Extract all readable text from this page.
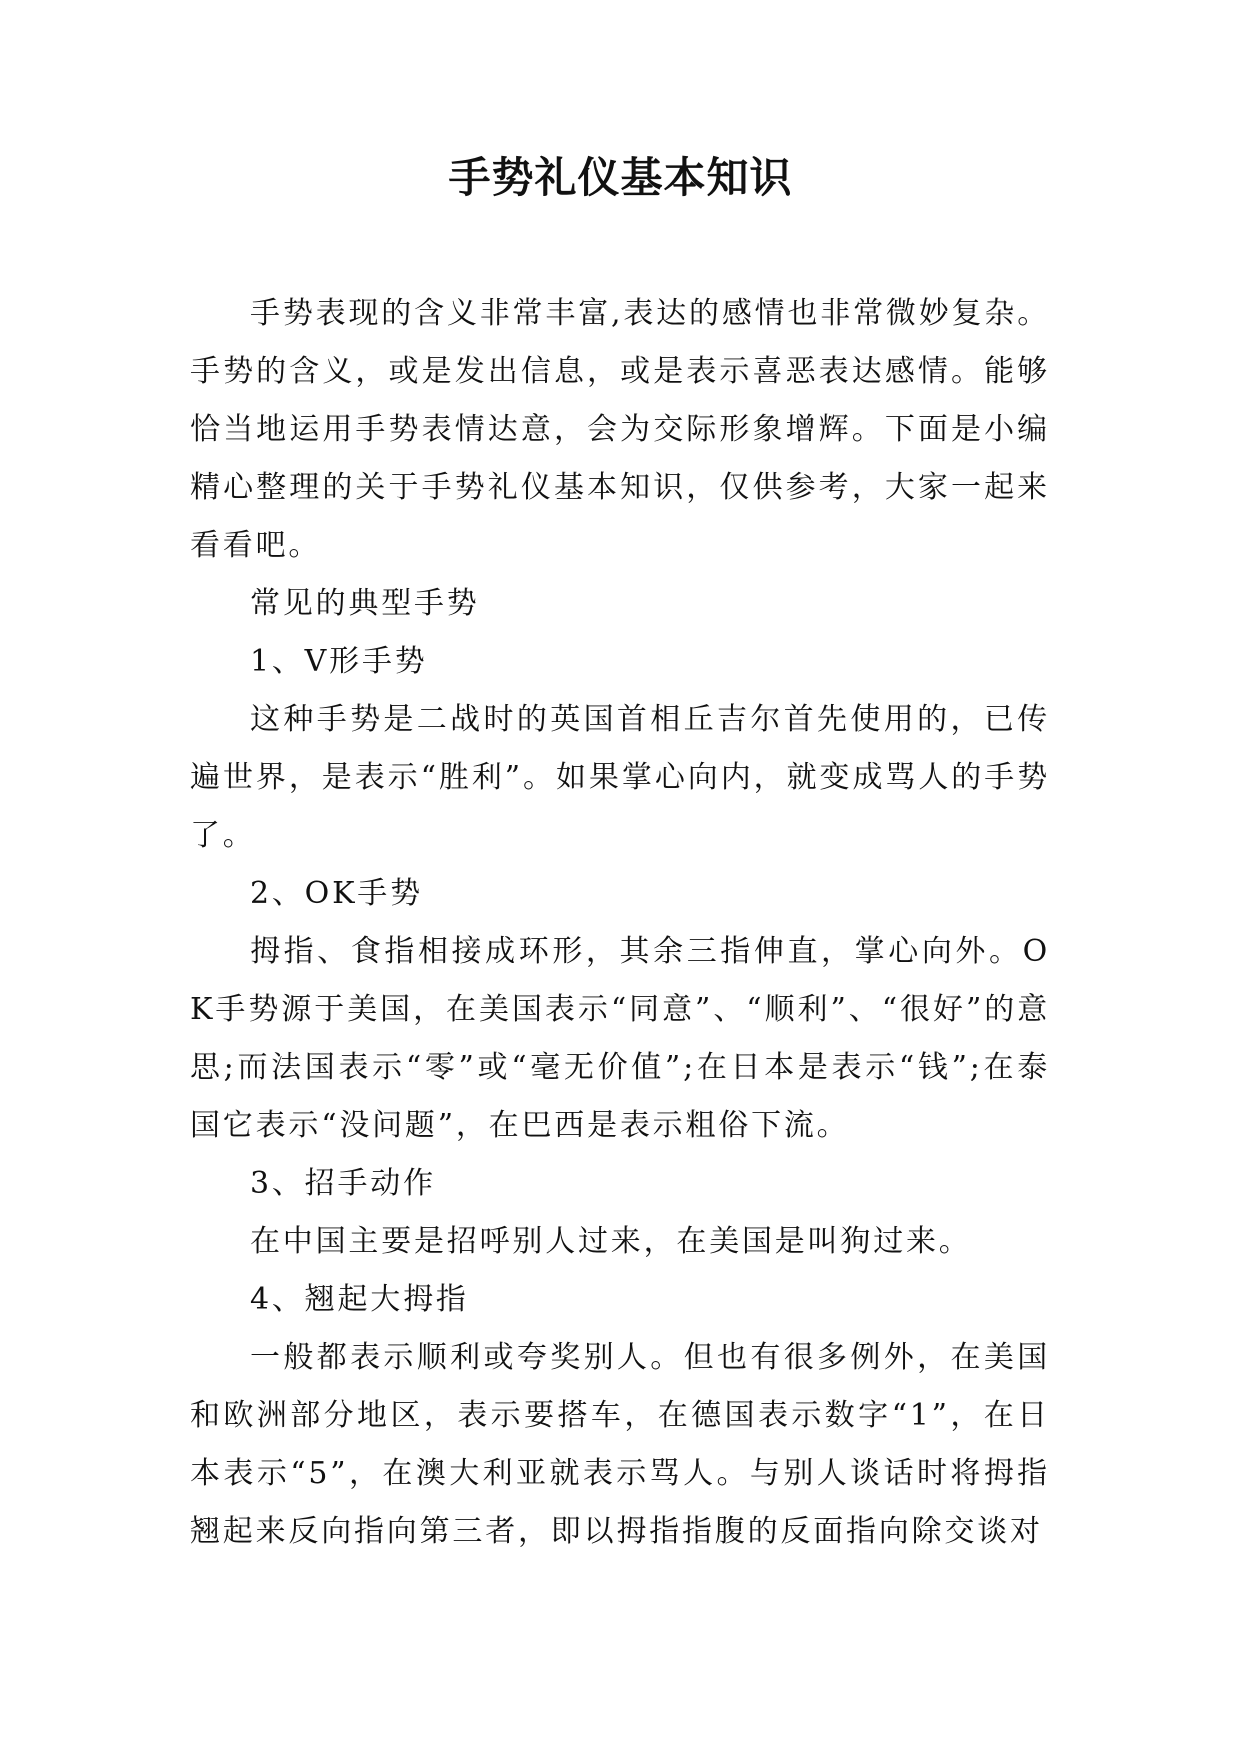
手势礼仪基本知识

手势表现的含义非常丰富,表达的感情也非常微妙复杂。手势的含义，或是发出信息，或是表示喜恶表达感情。能够恰当地运用手势表情达意，会为交际形象增辉。下面是小编精心整理的关于手势礼仪基本知识，仅供参考，大家一起来看看吧。

常见的典型手势

1、V形手势

这种手势是二战时的英国首相丘吉尔首先使用的，已传遍世界，是表示“胜利”。如果掌心向内，就变成骂人的手势了。

2、OK手势

拇指、食指相接成环形，其余三指伸直，掌心向外。OK手势源于美国，在美国表示“同意”、“顺利”、“很好”的意思;而法国表示“零”或“毫无价值”;在日本是表示“钱”;在泰国它表示“没问题”，在巴西是表示粗俗下流。

3、招手动作

在中国主要是招呼别人过来，在美国是叫狗过来。

4、翘起大拇指

一般都表示顺利或夸奖别人。但也有很多例外，在美国和欧洲部分地区，表示要搭车，在德国表示数字“1”，在日本表示“5”，在澳大利亚就表示骂人。与别人谈话时将拇指翘起来反向指向第三者，即以拇指指腹的反面指向除交谈对
